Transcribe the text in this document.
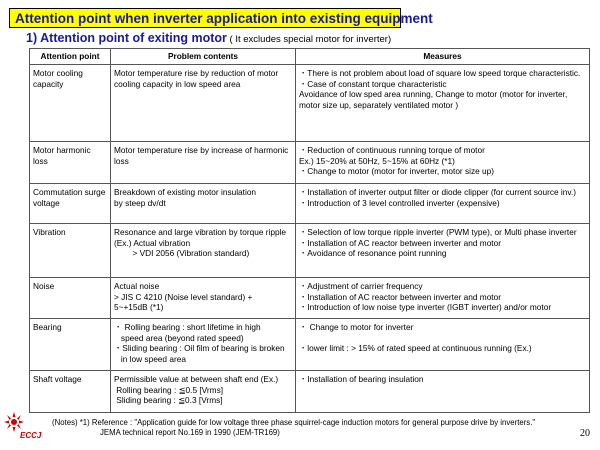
Attention point when inverter application into existing equipment
1) Attention point of exiting motor ( It excludes special motor for inverter)
Attention point	Problem contents	Measures
Motor cooling capacity	Motor temperature rise by reduction of motor cooling capacity in low speed area	・There is not problem about load of square low speed torque characteristic.
・Case of constant torque characteristic
Avoidance of low sped area running, Change to motor (motor for inverter,
motor size up, separately ventilated motor )

Motor harmonic loss	Motor temperature rise by increase of harmonic loss	・Reduction of continuous running torque of motor
Ex.) 15~20% at 50Hz, 5~15% at 60Hz (*1)
・Change to motor (motor for inverter, motor size up)

Commutation surge voltage	Breakdown of existing motor insulation
by steep dv/dt	・Installation of inverter output filter or diode clipper (for current source inv.)
・Introduction of 3 level controlled inverter (expensive)

Vibration	Resonance and large vibration by torque ripple
(Ex.) Actual vibration
> VDI 2056 (Vibration standard)	・Selection of low torque ripple inverter (PWM type), or Multi phase inverter
・Installation of AC reactor between inverter and motor
・Avoidance of resonance point running

Noise	Actual noise
> JIS C 4210 (Noise level standard) +
5~+15dB (*1)	・Adjustment of carrier frequency
・Installation of AC reactor between inverter and motor
・Introduction of low noise type inverter (IGBT inverter) and/or motor

Bearing	・ Rolling bearing : short lifetime in high
speed area (beyond rated speed)
・Sliding bearing : Oil film of bearing is broken
in low speed area	・ Change to motor for inverter

・lower limit : > 15% of rated speed at continuous running (Ex.)

Shaft voltage	Permissible value at between shaft end (Ex.)
Rolling bearing : ≦0.5 [Vrms]
Sliding bearing : ≦0.3 [Vrms]	・Installation of bearing insulation
ECCJ
(Notes) *1) Reference : "Application guide for low voltage three phase squirrel-cage induction motors for general purpose drive by inverters."
JEMA technical report No.169 in 1990 (JEM-TR169)	20
